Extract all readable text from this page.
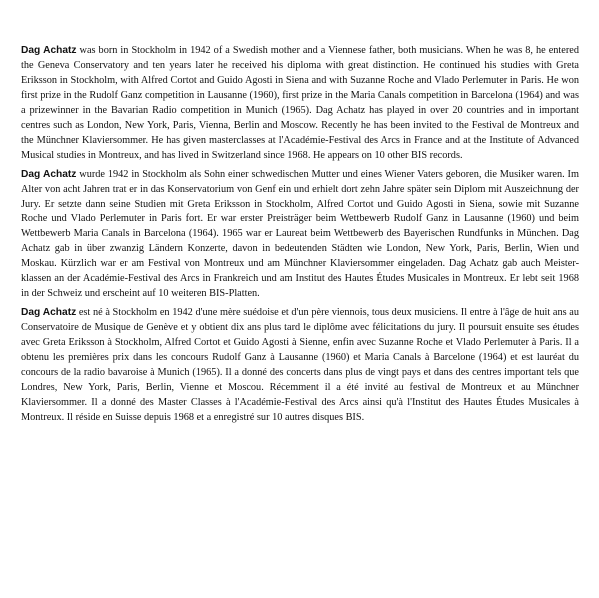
Dag Achatz was born in Stockholm in 1942 of a Swedish mother and a Viennese father, both musicians. When he was 8, he entered the Geneva Conservatory and ten years later he received his diploma with great distinction. He continued his studies with Greta Eriksson in Stockholm, with Alfred Cortot and Guido Agosti in Siena and with Suzanne Roche and Vlado Perlemuter in Paris. He won first prize in the Rudolf Ganz competition in Lausanne (1960), first prize in the Maria Canals competition in Barcelona (1964) and was a prizewinner in the Bavarian Radio competition in Munich (1965). Dag Achatz has played in over 20 countries and in important centres such as London, New York, Paris, Vienna, Berlin and Moscow. Recently he has been invited to the Festival de Montreux and the Münchner Klaviersommer. He has given masterclasses at l'Académie-Festival des Arcs in France and at the Institute of Advanced Musical studies in Montreux, and has lived in Switzerland since 1968. He appears on 10 other BIS records.

Dag Achatz wurde 1942 in Stockholm als Sohn einer schwedischen Mutter und eines Wiener Vaters geboren, die Musiker waren. Im Alter von acht Jahren trat er in das Konservatorium von Genf ein und erhielt dort zehn Jahre später sein Diplom mit Auszeichnung der Jury. Er setzte dann seine Studien mit Greta Eriksson in Stockholm, Alfred Cortot und Guido Agosti in Siena, sowie mit Suzanne Roche und Vlado Perlemuter in Paris fort. Er war erster Preisträger beim Wettbewerb Rudolf Ganz in Lausanne (1960) und beim Wettbewerb Maria Canals in Barcelona (1964). 1965 war er Laureat beim Wettbewerb des Bayerischen Rundfunks in München. Dag Achatz gab in über zwanzig Ländern Konzerte, davon in bedeutenden Städten wie London, New York, Paris, Berlin, Wien und Moskau. Kürzlich war er am Festival von Montreux und am Münchner Klaviersommer eingeladen. Dag Achatz gab auch Meister-klassen an der Académie-Festival des Arcs in Frankreich und am Institut des Hautes Études Musicales in Montreux. Er lebt seit 1968 in der Schweiz und erscheint auf 10 weiteren BIS-Platten.

Dag Achatz est né à Stockholm en 1942 d'une mère suédoise et d'un père viennois, tous deux musiciens. Il entre à l'âge de huit ans au Conservatoire de Musique de Genève et y obtient dix ans plus tard le diplôme avec félicitations du jury. Il poursuit ensuite ses études avec Greta Eriksson à Stockholm, Alfred Cortot et Guido Agosti à Sienne, enfin avec Suzanne Roche et Vlado Perlemuter à Paris. Il a obtenu les premières prix dans les concours Rudolf Ganz à Lausanne (1960) et Maria Canals à Barcelone (1964) et est lauréat du concours de la radio bavaroise à Munich (1965). Il a donné des concerts dans plus de vingt pays et dans des centres important tels que Londres, New York, Paris, Berlin, Vienne et Moscou. Récemment il a été invité au festival de Montreux et au Münchner Klaviersommer. Il a donné des Master Classes à l'Académie-Festival des Arcs ainsi qu'à l'Institut des Hautes Études Musicales à Montreux. Il réside en Suisse depuis 1968 et a enregistré sur 10 autres disques BIS.
